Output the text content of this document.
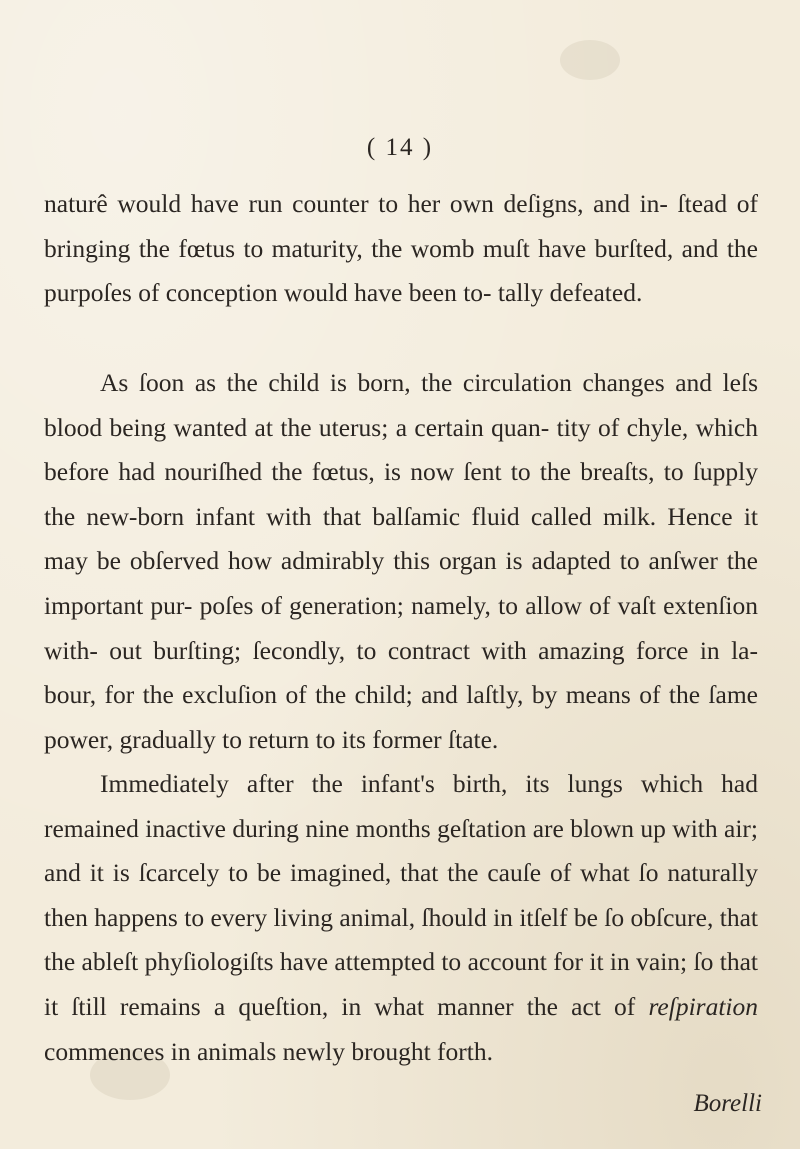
( 14 )

naturê would have run counter to her own deſigns, and in- ſtead of bringing the fœtus to maturity, the womb muſt have burſted, and the purpoſes of conception would have been to- tally defeated.

As ſoon as the child is born, the circulation changes and leſs blood being wanted at the uterus; a certain quan- tity of chyle, which before had nouriſhed the fœtus, is now ſent to the breaſts, to ſupply the new-born infant with that balſamic fluid called milk. Hence it may be obſerved how admirably this organ is adapted to anſwer the important pur- poſes of generation; namely, to allow of vaſt extenſion with- out burſting; ſecondly, to contract with amazing force in la- bour, for the excluſion of the child; and laſtly, by means of the ſame power, gradually to return to its former ſtate.

Immediately after the infant's birth, its lungs which had remained inactive during nine months geſtation are blown up with air; and it is ſcarcely to be imagined, that the cauſe of what ſo naturally then happens to every living animal, ſhould in itſelf be ſo obſcure, that the ableſt phyſiologiſts have attempted to account for it in vain; ſo that it ſtill remains a queſtion, in what manner the act of reſpiration commences in animals newly brought forth.

Borelli
